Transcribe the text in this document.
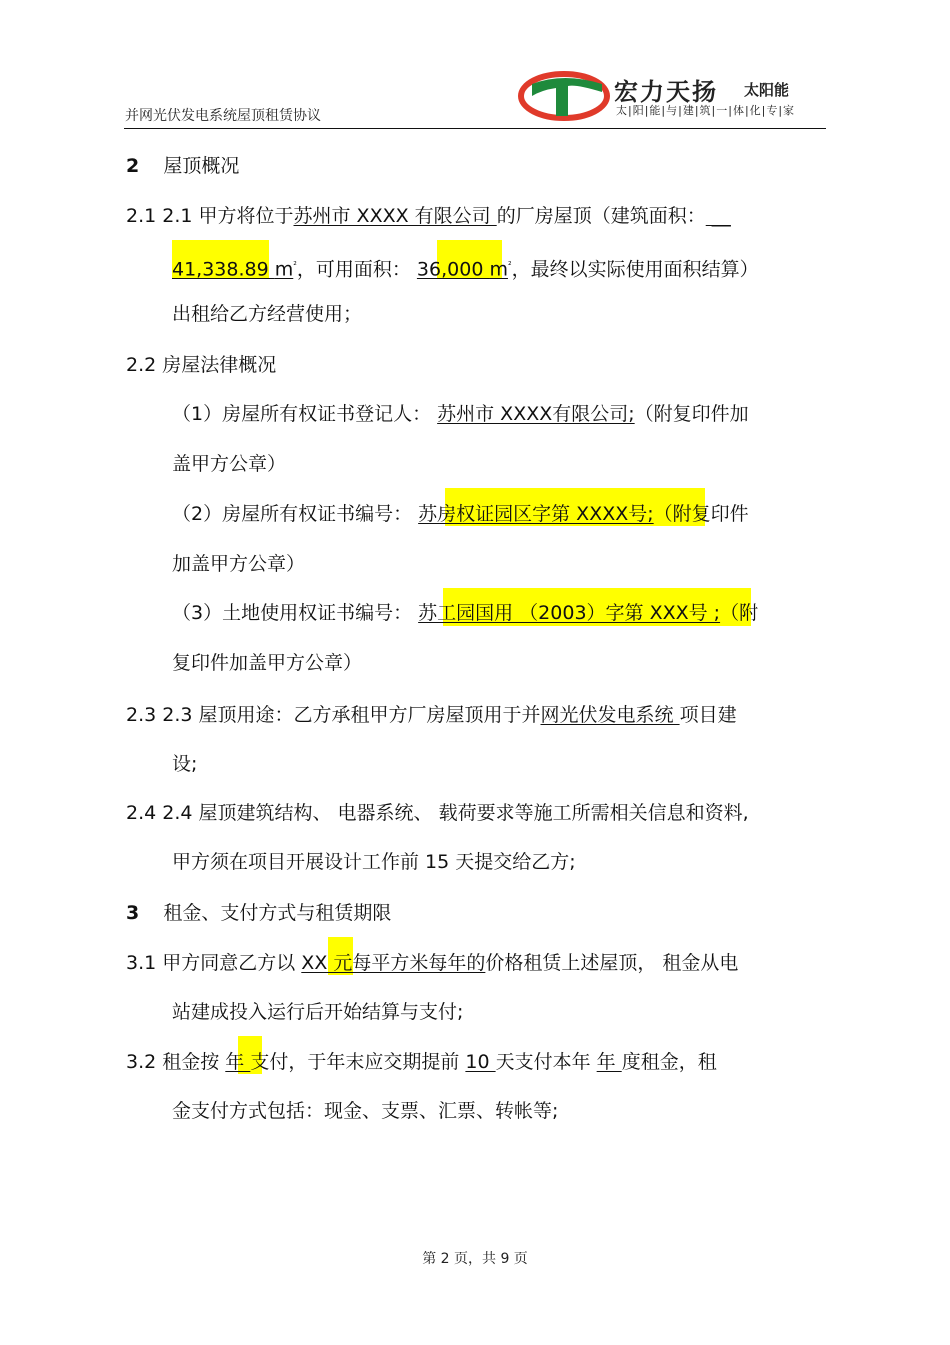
并网光伏发电系统屋顶租赁协议
宏力天扬 太阳能
太|阳|能|与|建|筑|一|体|化|专|家
2 屋顶概况
2.1 2.1 甲方将位于苏州市 XXXX 有限公司 的厂房屋顶（建筑面积： __
41,338.89 $m^{^2}$，可用面积： 36,000 $m^{^2}$，最终以实际使用面积结算）
出租给乙方经营使用；
2.2 房屋法律概况
（1）房屋所有权证书登记人： 苏州市 XXXX有限公司;（附复印件加
盖甲方公章）
（2）房屋所有权证书编号： 苏房权证园区字第 XXXX号;（附复印件
加盖甲方公章）
（3）土地使用权证书编号： 苏工园国用 （2003）字第 XXX号 ;（附
复印件加盖甲方公章）
2.3 2.3 屋顶用途：乙方承租甲方厂房屋顶用于并网光伏发电系统 项目建
设;
2.4 2.4 屋顶建筑结构、 电器系统、 载荷要求等施工所需相关信息和资料,
甲方须在项目开展设计工作前 15 天提交给乙方;
3 租金、支付方式与租赁期限
3.1 甲方同意乙方以 XX 元每平方米每年的价格租赁上述屋顶， 租金从电
站建成投入运行后开始结算与支付;
3.2 租金按 年 支付，于年末应交期提前 10 天支付本年 年 度租金，租
金支付方式包括：现金、支票、汇票、转帐等;
第 2 页，共 9 页
